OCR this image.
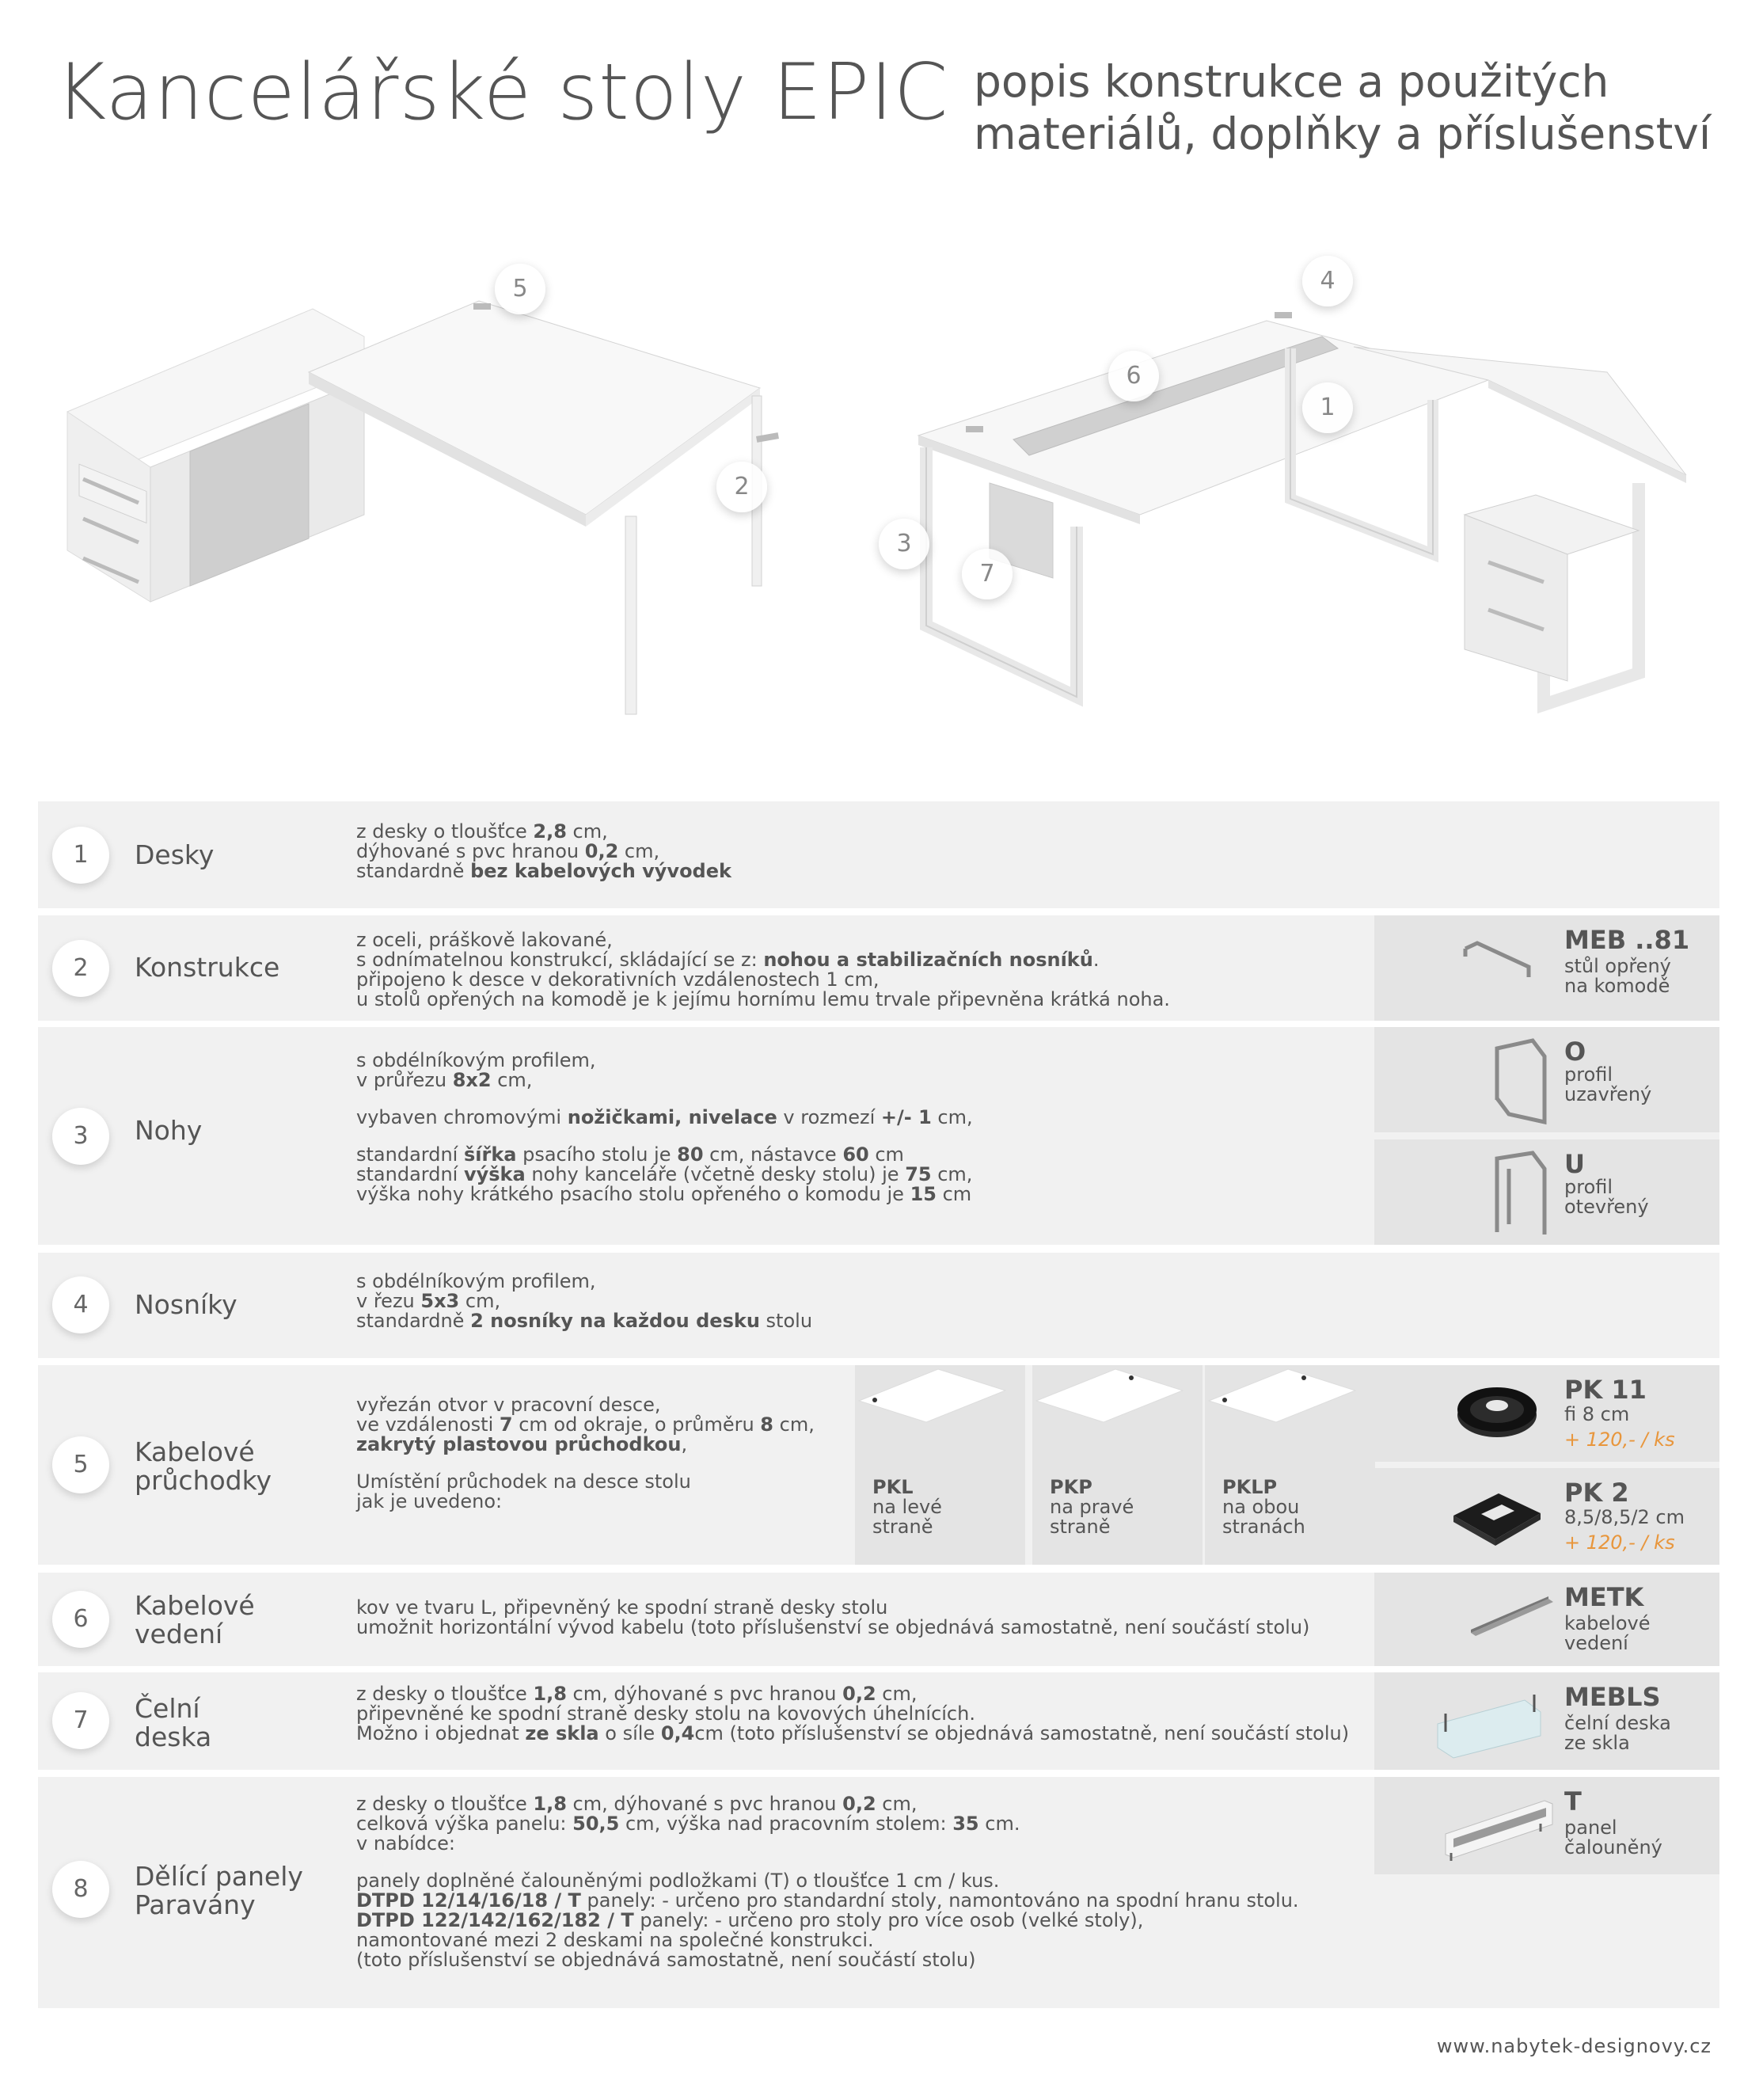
Kancelářské stoly EPIC popis konstrukce a použitých
materiálů, doplňky a příslušenství
5
2
4
6
1
3
7
1	Desky

z desky o tloušťce 2,8 cm,

dýhované s pvc hranou 0,2 cm,

standardně bez kabelových vývodek

2	Konstrukce

z oceli, práškově lakované,

s odnímatelnou konstrukcí, skládající se z: nohou a stabilizačních nosníků.

připojeno k desce v dekorativních vzdálenostech 1 cm,

u stolů opřených na komodě je k jejímu hornímu lemu trvale připevněna krátká noha.

MEB ..81
stůl opřený
na komodě
3	Nohy

s obdélníkovým profilem,

v průřezu 8x2 cm,

vybaven chromovými nožičkami, nivelace v rozmezí +/- 1 cm,

standardní šířka psacího stolu je 80 cm, nástavce 60 cm

standardní výška nohy kanceláře (včetně desky stolu) je 75 cm,

výška nohy krátkého psacího stolu opřeného o komodu je 15 cm

O
profil
uzavřený
U
profil
otevřený
4	Nosníky

s obdélníkovým profilem,

v řezu 5x3 cm,

standardně 2 nosníky na každou desku stolu

5	Kabelové
průchodky

vyřezán otvor v pracovní desce,

ve vzdálenosti 7 cm od okraje, o průměru 8 cm,

zakrytý plastovou průchodkou,

Umístění průchodek na desce stolu

jak je uvedeno:

PKL
na levé
straně
PKP
na pravé
straně
PKLP
na obou
stranách
PK 11
fi 8 cm
+ 120,- / ks
PK 2
8,5/8,5/2 cm
+ 120,- / ks
6	Kabelové
vedení

kov ve tvaru L, připevněný ke spodní straně desky stolu

umožnit horizontální vývod kabelu (toto příslušenství se objednává samostatně, není součástí stolu)

METK
kabelové
vedení
7	Čelní
deska

z desky o tloušťce 1,8 cm, dýhované s pvc hranou 0,2 cm,

připevněné ke spodní straně desky stolu na kovových úhelnících.

Možno i objednat ze skla o síle 0,4cm (toto příslušenství se objednává samostatně, není součástí stolu)

MEBLS
čelní deska
ze skla
8	Dělící panely
Paravány

z desky o tloušťce 1,8 cm, dýhované s pvc hranou 0,2 cm,

celková výška panelu: 50,5 cm, výška nad pracovním stolem: 35 cm.

v nabídce:

panely doplněné čalouněnými podložkami (T) o tloušťce 1 cm / kus.

DTPD 12/14/16/18 / T panely: - určeno pro standardní stoly, namontováno na spodní hranu stolu.

DTPD 122/142/162/182 / T panely: - určeno pro stoly pro více osob (velké stoly),

namontované mezi 2 deskami na společné konstrukci.

(toto příslušenství se objednává samostatně, není součástí stolu)

T
panel
čalouněný
www.nabytek-designovy.cz
